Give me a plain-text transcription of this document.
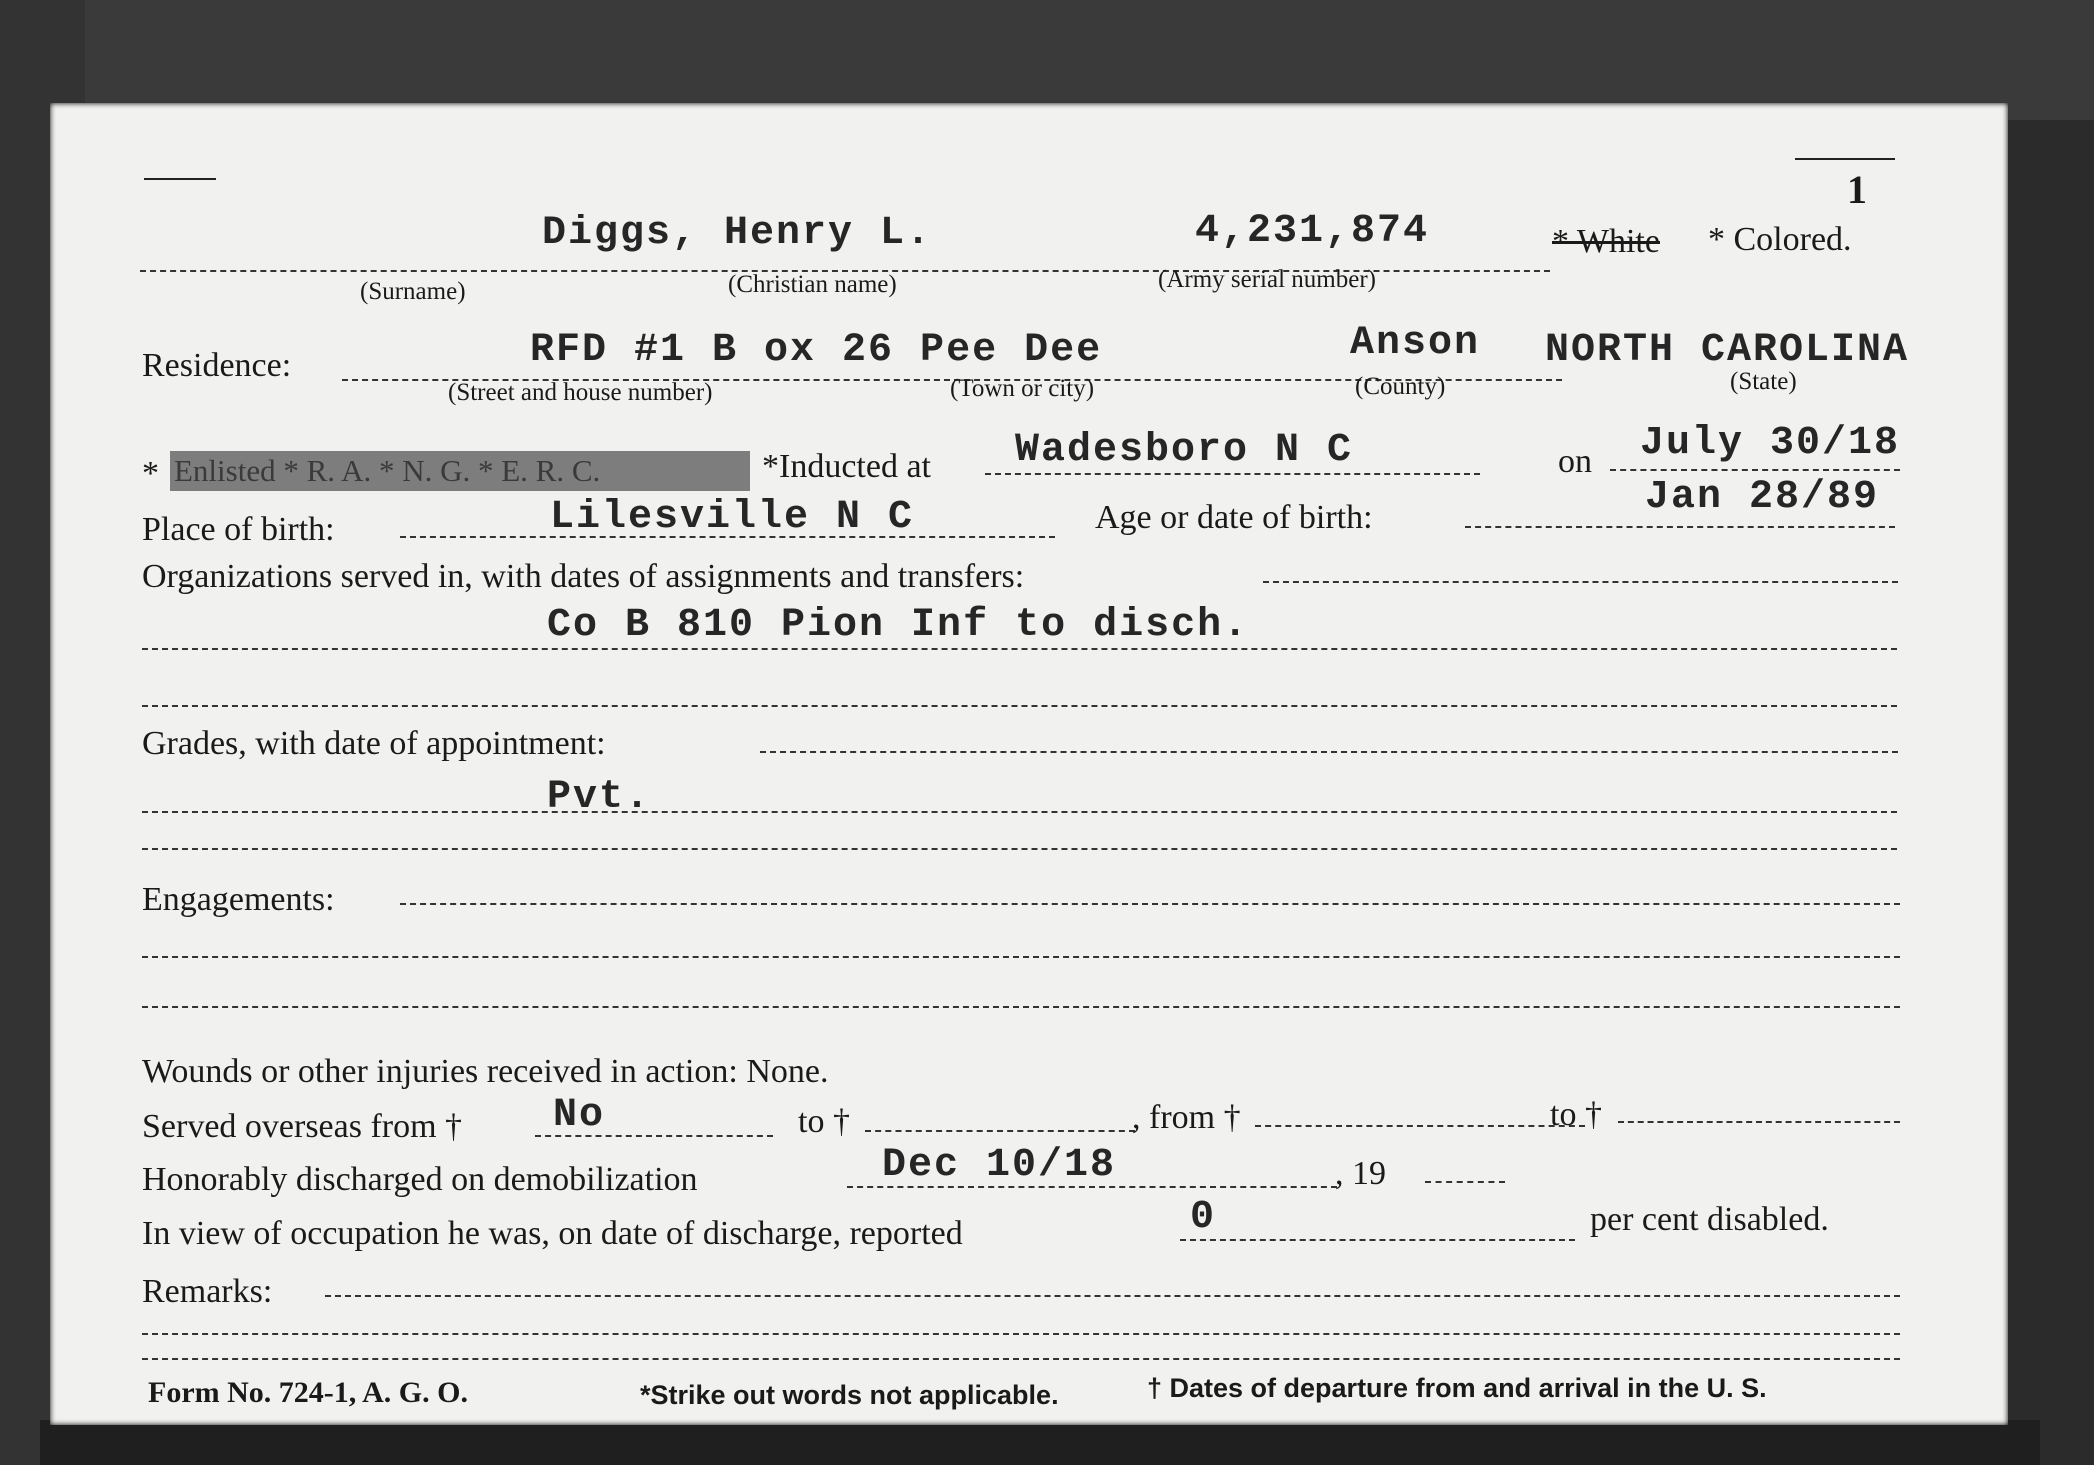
1
Diggs, Henry L.	4,231,874	* White * Colored.
(Surname)	(Christian name)	(Army serial number)
Residence:	RFD #1 B ox 26 Pee Dee	Anson NORTH CAROLINA
(Street and house number)	(Town or city)	(County)	(State)
* Enlisted * R. A. * N. G. * E. R. C.	*Inducted at Wadesboro N C	on July 30/18
Place of birth:	Lilesville N C	Age or date of birth:	Jan 28/89
Organizations served in, with dates of assignments and transfers:
Co B 810 Pion Inf to disch.
Grades, with date of appointment:
Pvt.
Engagements:
Wounds or other injuries received in action: None.
Served overseas from † No	to †	, from †	to †
Honorably discharged on demobilization	Dec 10/18	, 19
In view of occupation he was, on date of discharge, reported	0	per cent disabled.
Remarks:
Form No. 724-1, A. G. O.	*Strike out words not applicable.	† Dates of departure from and arrival in the U. S.
